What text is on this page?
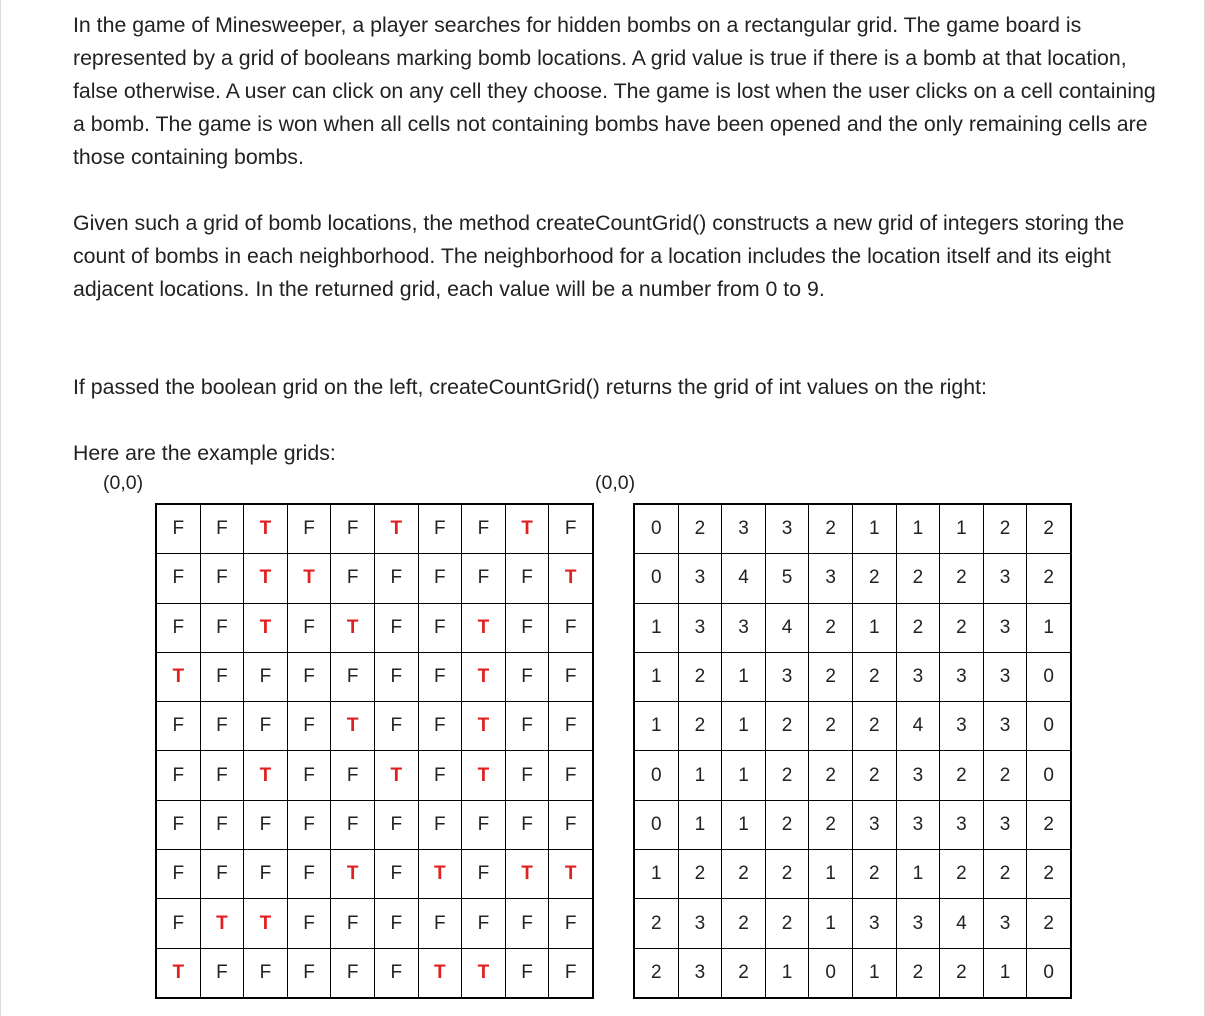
In the game of Minesweeper, a player searches for hidden bombs on a rectangular grid. The game board is represented by a grid of booleans marking bomb locations. A grid value is true if there is a bomb at that location, false otherwise. A user can click on any cell they choose. The game is lost when the user clicks on a cell containing a bomb. The game is won when all cells not containing bombs have been opened and the only remaining cells are those containing bombs.

Given such a grid of bomb locations, the method createCountGrid() constructs a new grid of integers storing the count of bombs in each neighborhood. The neighborhood for a location includes the location itself and its eight adjacent locations. In the returned grid, each value will be a number from 0 to 9.

If passed the boolean grid on the left, createCountGrid() returns the grid of int values on the right:

Here are the example grids:

(0,0)	(0,0)
F	F	T	F	F	T	F	F	T	F
F	F	T	T	F	F	F	F	F	T
F	F	T	F	T	F	F	T	F	F
T	F	F	F	F	F	F	T	F	F
F	F	F	F	T	F	F	T	F	F
F	F	T	F	F	T	F	T	F	F
F	F	F	F	F	F	F	F	F	F
F	F	F	F	T	F	T	F	T	T
F	T	T	F	F	F	F	F	F	F
T	F	F	F	F	F	T	T	F	F
0	2	3	3	2	1	1	1	2	2
0	3	4	5	3	2	2	2	3	2
1	3	3	4	2	1	2	2	3	1
1	2	1	3	2	2	3	3	3	0
1	2	1	2	2	2	4	3	3	0
0	1	1	2	2	2	3	2	2	0
0	1	1	2	2	3	3	3	3	2
1	2	2	2	1	2	1	2	2	2
2	3	2	2	1	3	3	4	3	2
2	3	2	1	0	1	2	2	1	0
